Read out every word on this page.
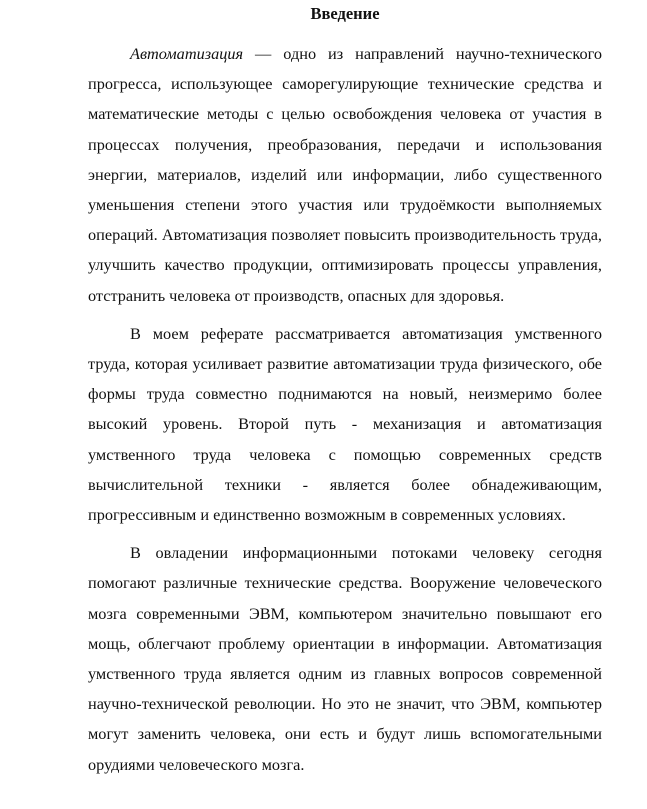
Введение

Автоматизация — одно из направлений научно-технического прогресса, использующее саморегулирующие технические средства и математические методы с целью освобождения человека от участия в процессах получения, преобразования, передачи и использования энергии, материалов, изделий или информации, либо существенного уменьшения степени этого участия или трудоёмкости выполняемых операций. Автоматизация позволяет повысить производительность труда, улучшить качество продукции, оптимизировать процессы управления, отстранить человека от производств, опасных для здоровья.

В моем реферате рассматривается автоматизация умственного труда, которая усиливает развитие автоматизации труда физического, обе формы труда совместно поднимаются на новый, неизмеримо более высокий уровень. Второй путь - механизация и автоматизация умственного труда человека с помощью современных средств вычислительной техники - является более обнадеживающим, прогрессивным и единственно возможным в современных условиях.

В овладении информационными потоками человеку сегодня помогают различные технические средства. Вооружение человеческого мозга современными ЭВМ, компьютером значительно повышают его мощь, облегчают проблему ориентации в информации. Автоматизация умственного труда является одним из главных вопросов современной научно-технической революции. Но это не значит, что ЭВМ, компьютер могут заменить человека, они есть и будут лишь вспомогательными орудиями человеческого мозга.
